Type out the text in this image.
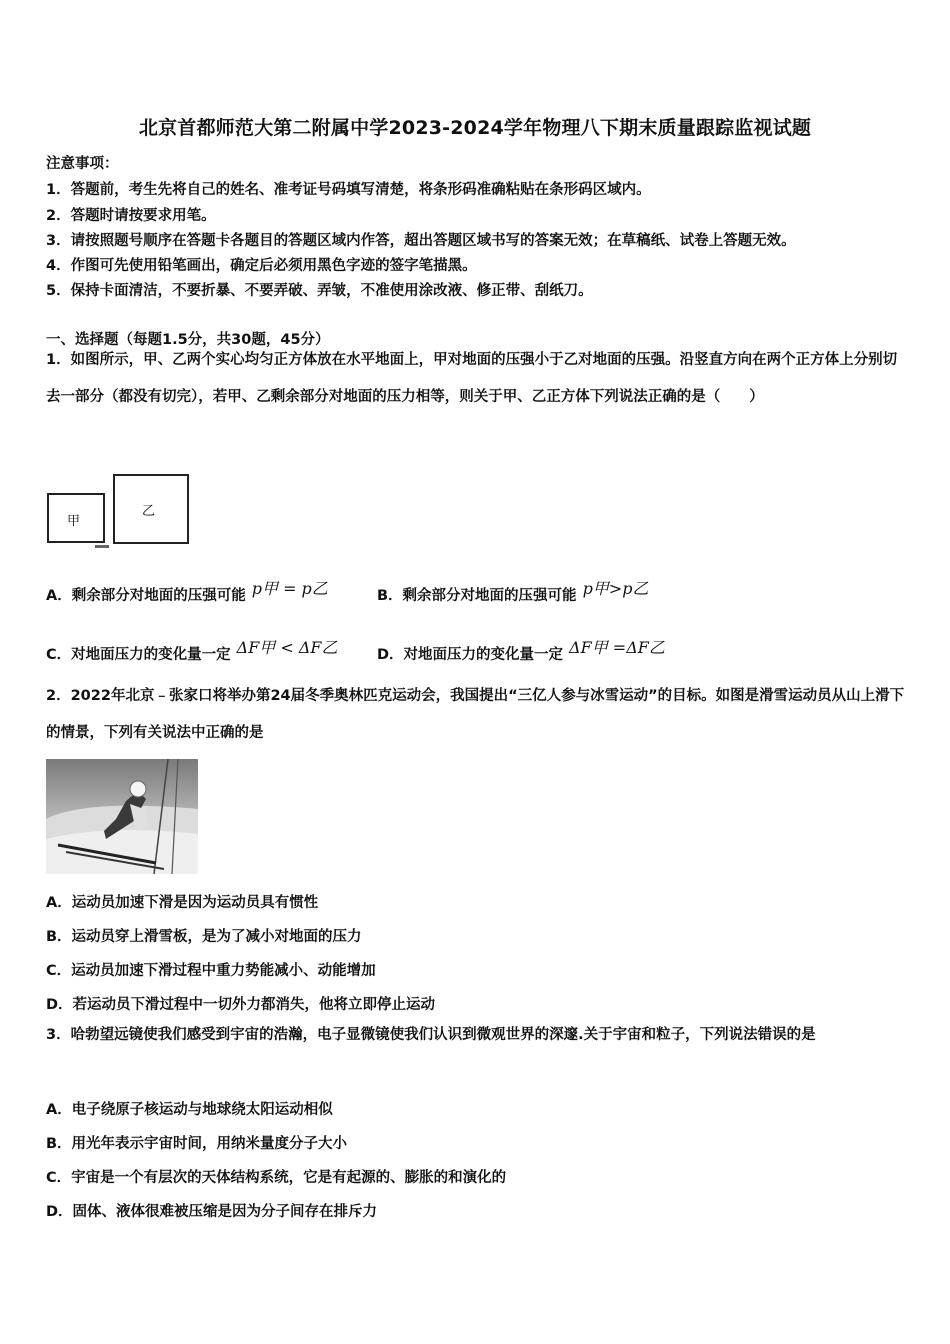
北京首都师范大第二附属中学2023-2024学年物理八下期末质量跟踪监视试题
注意事项：
1．答题前，考生先将自己的姓名、准考证号码填写清楚，将条形码准确粘贴在条形码区域内。
2．答题时请按要求用笔。
3．请按照题号顺序在答题卡各题目的答题区域内作答，超出答题区域书写的答案无效；在草稿纸、试卷上答题无效。
4．作图可先使用铅笔画出，确定后必须用黑色字迹的签字笔描黑。
5．保持卡面清洁，不要折暴、不要弄破、弄皱，不准使用涂改液、修正带、刮纸刀。
一、选择题（每题1.5分，共30题，45分）
1．如图所示，甲、乙两个实心均匀正方体放在水平地面上，甲对地面的压强小于乙对地面的压强。沿竖直方向在两个正方体上分别切去一部分（都没有切完），若甲、乙剩余部分对地面的压力相等，则关于甲、乙正方体下列说法正确的是（　　）
甲
乙
A．剩余部分对地面的压强可能 p甲 = p乙	B．剩余部分对地面的压强可能 p甲>p乙
C．对地面压力的变化量一定 ΔF甲 < ΔF乙	D．对地面压力的变化量一定 ΔF甲 =ΔF乙
2．2022年北京﹣张家口将举办第24届冬季奥林匹克运动会，我国提出“三亿人参与冰雪运动”的目标。如图是滑雪运动员从山上滑下的情景，下列有关说法中正确的是
A．运动员加速下滑是因为运动员具有惯性
B．运动员穿上滑雪板，是为了减小对地面的压力
C．运动员加速下滑过程中重力势能减小、动能增加
D．若运动员下滑过程中一切外力都消失，他将立即停止运动
3．哈勃望远镜使我们感受到宇宙的浩瀚，电子显微镜使我们认识到微观世界的深邃.关于宇宙和粒子，下列说法错误的是
A．电子绕原子核运动与地球绕太阳运动相似
B．用光年表示宇宙时间，用纳米量度分子大小
C．宇宙是一个有层次的天体结构系统，它是有起源的、膨胀的和演化的
D．固体、液体很难被压缩是因为分子间存在排斥力
